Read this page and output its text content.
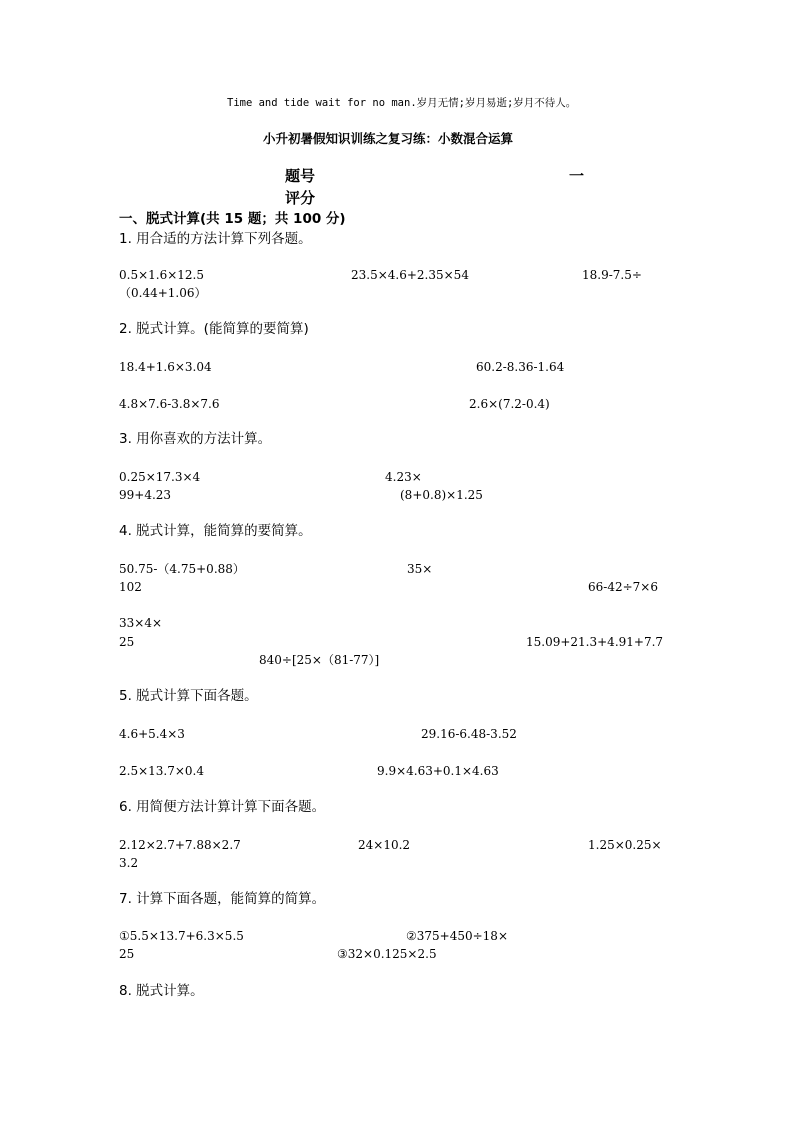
Time and tide wait for no man.岁月无情;岁月易逝;岁月不待人。
小升初暑假知识训练之复习练：小数混合运算
题号	一
评分
一、脱式计算(共 15 题；共 100 分)
1. 用合适的方法计算下列各题。
0.5×1.6×12.5	23.5×4.6+2.35×54	18.9-7.5÷
（0.44+1.06）
2. 脱式计算。(能简算的要简算)
18.4+1.6×3.04	60.2-8.36-1.64
4.8×7.6-3.8×7.6	2.6×(7.2-0.4)
3. 用你喜欢的方法计算。
0.25×17.3×4	4.23×
99+4.23	(8+0.8)×1.25
4. 脱式计算，能简算的要简算。
50.75-（4.75+0.88）	35×
102	66-42÷7×6
33×4×
25	15.09+21.3+4.91+7.7
840÷[25×（81-77）]
5. 脱式计算下面各题。
4.6+5.4×3	29.16-6.48-3.52
2.5×13.7×0.4	9.9×4.63+0.1×4.63
6. 用简便方法计算计算下面各题。
2.12×2.7+7.88×2.7	24×10.2	1.25×0.25×
3.2
7. 计算下面各题，能简算的简算。
①5.5×13.7+6.3×5.5	②375+450÷18×
25	③32×0.125×2.5
8. 脱式计算。
